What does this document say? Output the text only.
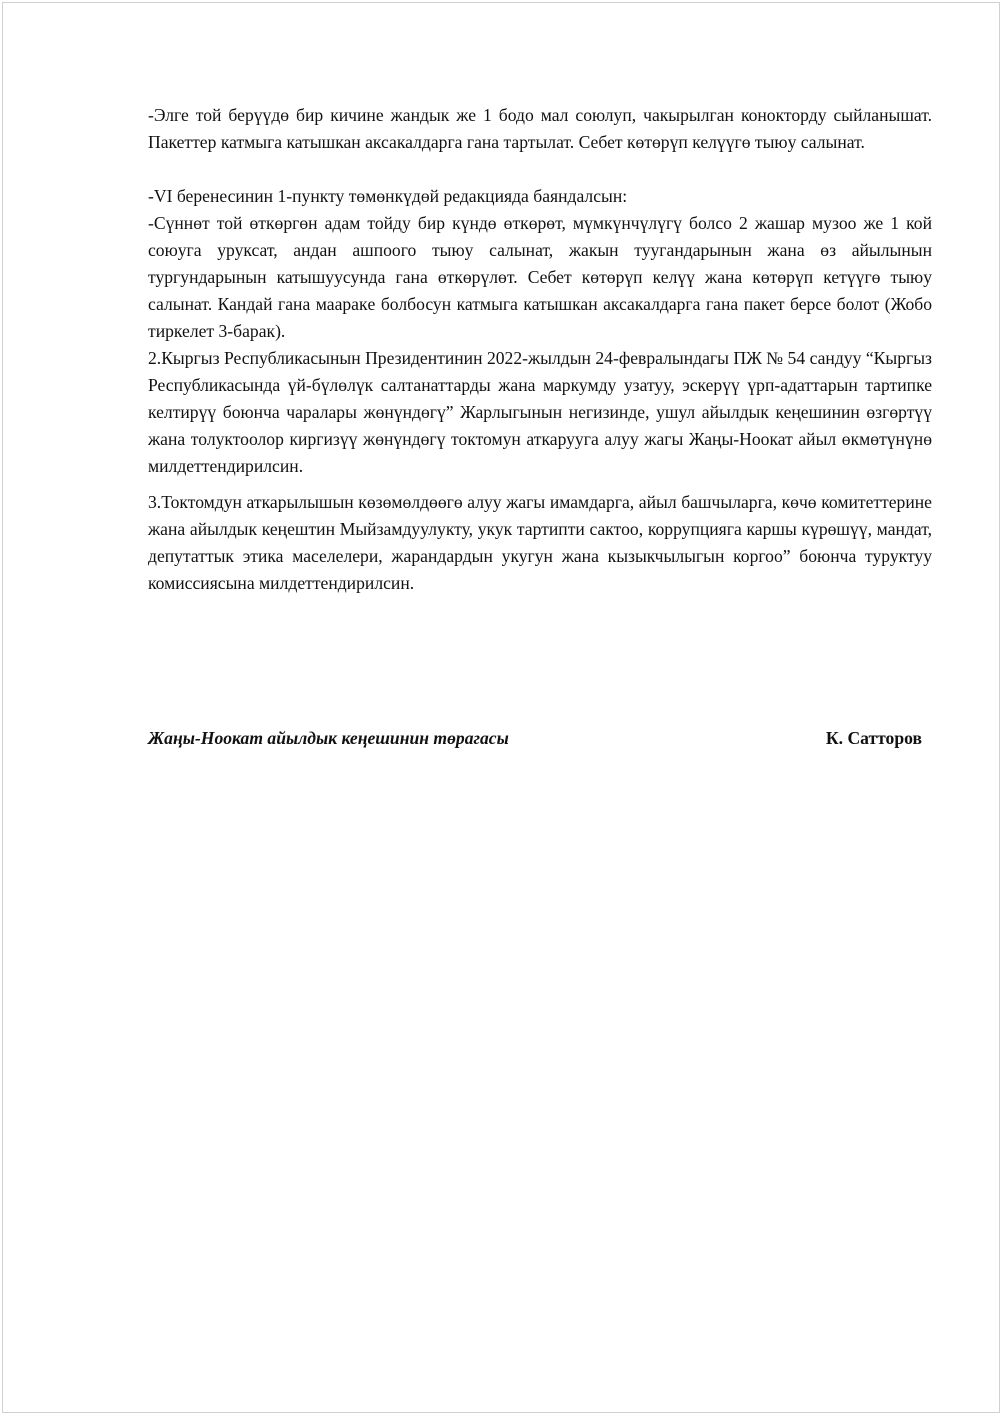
-Элге той берүүдө бир кичине жандык же 1 бодо мал союлуп, чакырылган конокторду сыйланышат. Пакеттер катмыга катышкан аксакалдарга гана тартылат. Себет көтөрүп келүүгө тыюу салынат.

-VI беренесинин 1-пункту төмөнкүдөй редакцияда баяндалсын:

-Сүннөт той өткөргөн адам тойду бир күндө өткөрөт, мүмкүнчүлүгү болсо 2 жашар музоо же 1 кой союуга уруксат, андан ашпоого тыюу салынат, жакын туугандарынын жана өз айылынын тургундарынын катышуусунда гана өткөрүлөт. Себет көтөрүп келүү жана көтөрүп кетүүгө тыюу салынат. Кандай гана мааракe болбосун катмыга катышкан аксакалдарга гана пакет берсе болот (Жобо тиркелет 3-барак).

2.Кыргыз Республикасынын Президентинин 2022-жылдын 24-февралындагы ПЖ № 54 сандуу “Кыргыз Республикасында үй-бүлөлүк салтанаттарды жана маркумду узатуу, эскерүү үрп-адаттарын тартипке келтирүү боюнча чаралары жөнүндөгү” Жарлыгынын негизинде, ушул айылдык кеңешинин өзгөртүү жана толуктоолор киргизүү жөнүндөгү токтомун аткарууга алуу жагы Жаңы-Ноокат айыл өкмөтүнүнө милдеттендирилсин.

3.Токтомдун аткарылышын көзөмөлдөөгө алуу жагы имамдарга, айыл башчыларга, көчө комитеттерине жана айылдык кеңештин Мыйзамдуулукту, укук тартипти сактоо, коррупцияга каршы күрөшүү, мандат, депутаттык этика маселелери, жарандардын укугун жана кызыкчылыгын коргоо” боюнча туруктуу комиссиясына милдеттендирилсин.

Жаңы-Ноокат айылдык кеңешинин төрагасы	К. Сатторов
